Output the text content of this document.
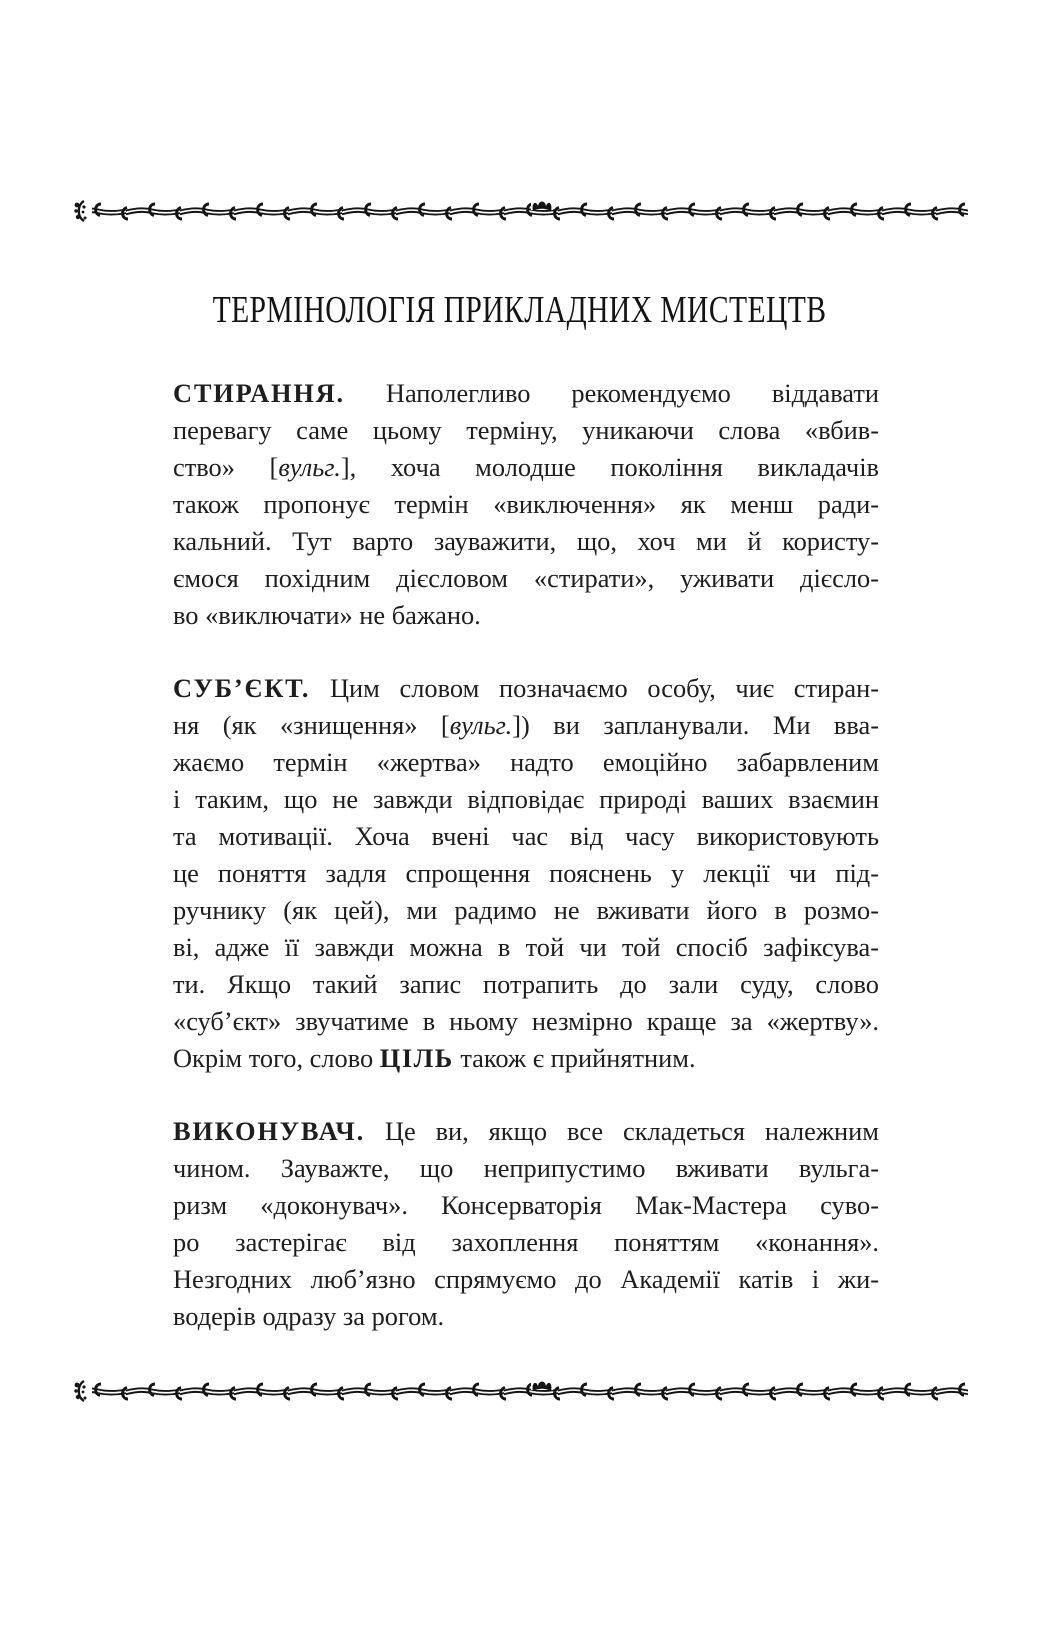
ТЕРМІНОЛОГІЯ ПРИКЛАДНИХ МИСТЕЦТВ
СТИРАННЯ. Наполегливо рекомендуємо віддавати
перевагу саме цьому терміну, уникаючи слова «вбив-
ство» [вульг.], хоча молодше покоління викладачів
також пропонує термін «виключення» як менш ради-
кальний. Тут варто зауважити, що, хоч ми й користу-
ємося похідним дієсловом «стирати», уживати дієсло-
во «виключати» не бажано.
СУБ’ЄКТ. Цим словом позначаємо особу, чиє стиран-
ня (як «знищення» [вульг.]) ви запланували. Ми вва-
жаємо термін «жертва» надто емоційно забарвленим
і таким, що не завжди відповідає природі ваших взаємин
та мотивації. Хоча вчені час від часу використовують
це поняття задля спрощення пояснень у лекції чи під-
ручнику (як цей), ми радимо не вживати його в розмо-
ві, адже її завжди можна в той чи той спосіб зафіксува-
ти. Якщо такий запис потрапить до зали суду, слово
«суб’єкт» звучатиме в ньому незмірно краще за «жертву».
Окрім того, слово ЦІЛЬ також є прийнятним.
ВИКОНУВАЧ. Це ви, якщо все складеться належним
чином. Зауважте, що неприпустимо вживати вульга-
ризм «доконувач». Консерваторія Мак-Мастера суво-
ро застерігає від захоплення поняттям «конання».
Незгодних люб’язно спрямуємо до Академії катів і жи-
водерів одразу за рогом.
